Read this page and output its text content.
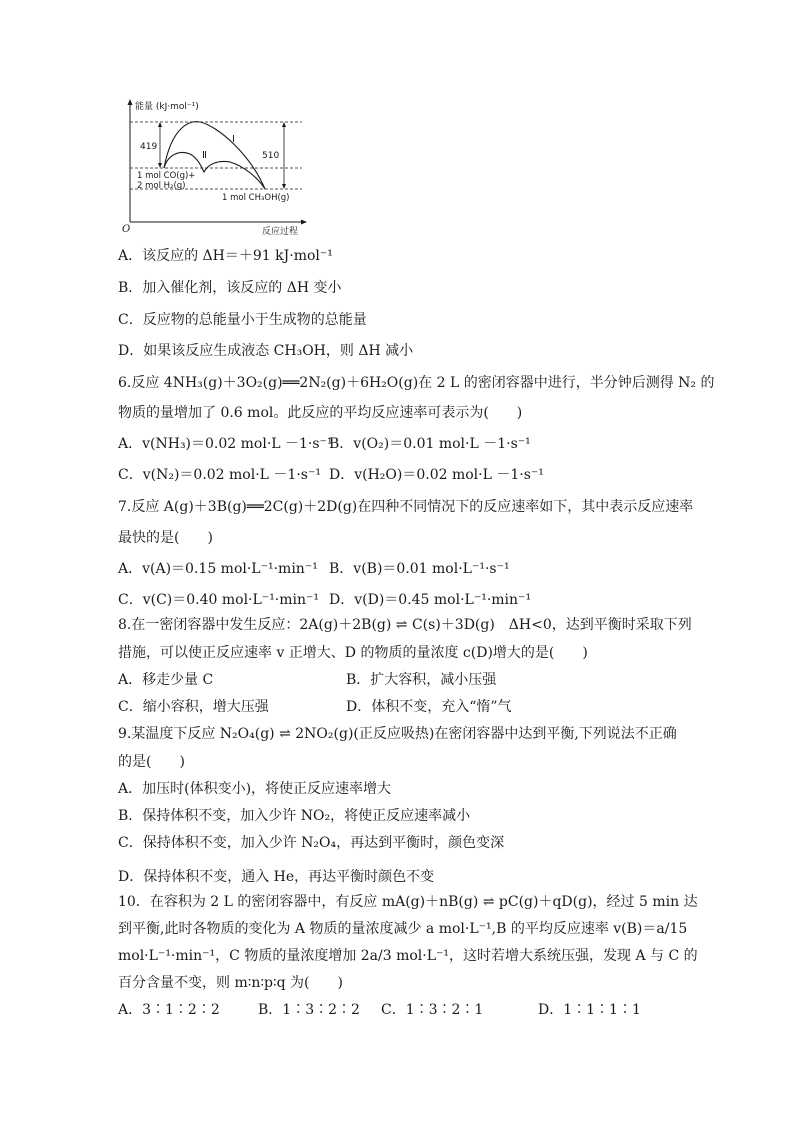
能量 (kJ·mol⁻¹)
反应过程
O
Ⅰ
Ⅱ
419
510
1 mol CO(g)+
2 mol H₂(g)
1 mol CH₃OH(g)
A．该反应的 ΔH＝＋91 kJ·mol⁻¹
B．加入催化剂，该反应的 ΔH 变小
C．反应物的总能量小于生成物的总能量
D．如果该反应生成液态 CH₃OH，则 ΔH 减小
6.反应 4NH₃(g)＋3O₂(g)══2N₂(g)＋6H₂O(g)在 2 L 的密闭容器中进行，半分钟后测得 N₂ 的
物质的量增加了 0.6 mol。此反应的平均反应速率可表示为(　　)
A．v(NH₃)＝0.02 mol·L －1·s⁻¹
B．v(O₂)＝0.01 mol·L －1·s⁻¹
C．v(N₂)＝0.02 mol·L －1·s⁻¹ D．v(H₂O)＝0.02 mol·L －1·s⁻¹
7.反应 A(g)＋3B(g)══2C(g)＋2D(g)在四种不同情况下的反应速率如下，其中表示反应速率
最快的是(　　)
A．v(A)＝0.15 mol·L⁻¹·min⁻¹ B．v(B)＝0.01 mol·L⁻¹·s⁻¹
C．v(C)＝0.40 mol·L⁻¹·min⁻¹ D．v(D)＝0.45 mol·L⁻¹·min⁻¹
8.在一密闭容器中发生反应：2A(g)＋2B(g) ⇌ C(s)＋3D(g)　ΔH<0，达到平衡时采取下列
措施，可以使正反应速率 v 正增大、D 的物质的量浓度 c(D)增大的是(　　)
A．移走少量 C	B．扩大容积，减小压强
C．缩小容积，增大压强	D．体积不变，充入“惰”气
9.某温度下反应 N₂O₄(g) ⇌ 2NO₂(g)(正反应吸热)在密闭容器中达到平衡,下列说法不正确
的是(　　)
A．加压时(体积变小)，将使正反应速率增大
B．保持体积不变，加入少许 NO₂，将使正反应速率减小
C．保持体积不变，加入少许 N₂O₄，再达到平衡时，颜色变深
D．保持体积不变，通入 He，再达平衡时颜色不变
10．在容积为 2 L 的密闭容器中，有反应 mA(g)＋nB(g) ⇌ pC(g)＋qD(g)，经过 5 min 达
到平衡,此时各物质的变化为 A 物质的量浓度减少 a mol·L⁻¹,B 的平均反应速率 v(B)＝a/15
mol·L⁻¹·min⁻¹，C 物质的量浓度增加 2a/3 mol·L⁻¹，这时若增大系统压强，发现 A 与 C 的
百分含量不变，则 m∶n∶p∶q 为(　　)
A．3∶1∶2∶2	B．1∶3∶2∶2 C．1∶3∶2∶1	D．1∶1∶1∶1
